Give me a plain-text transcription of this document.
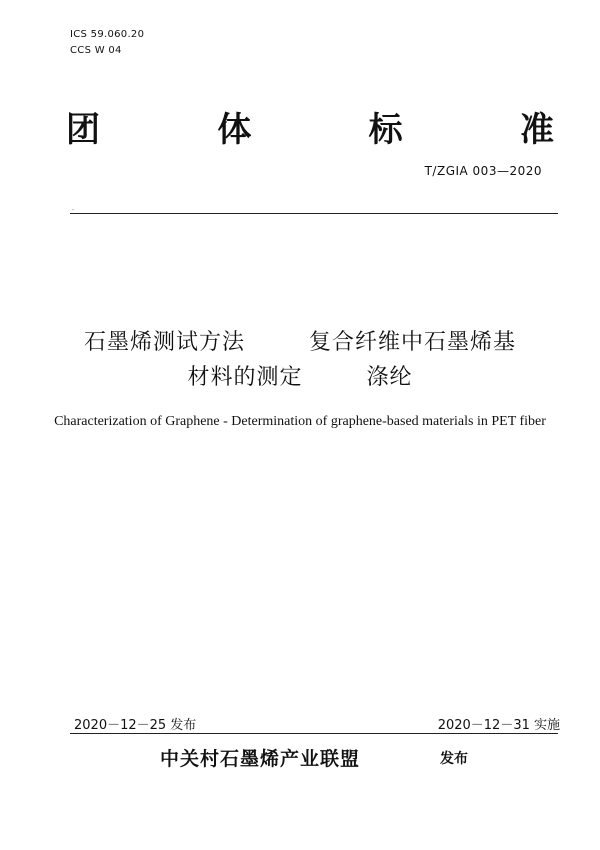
ICS 59.060.20
CCS W 04
团	体	标	准
T/ZGIA 003—2020
-
石墨烯测试方法        复合纤维中石墨烯基
材料的测定        涤纶
Characterization of Graphene - Determination of graphene-based materials in PET fiber
2020－12－25 发布	2020－12－31 实施
中关村石墨烯产业联盟	发布
